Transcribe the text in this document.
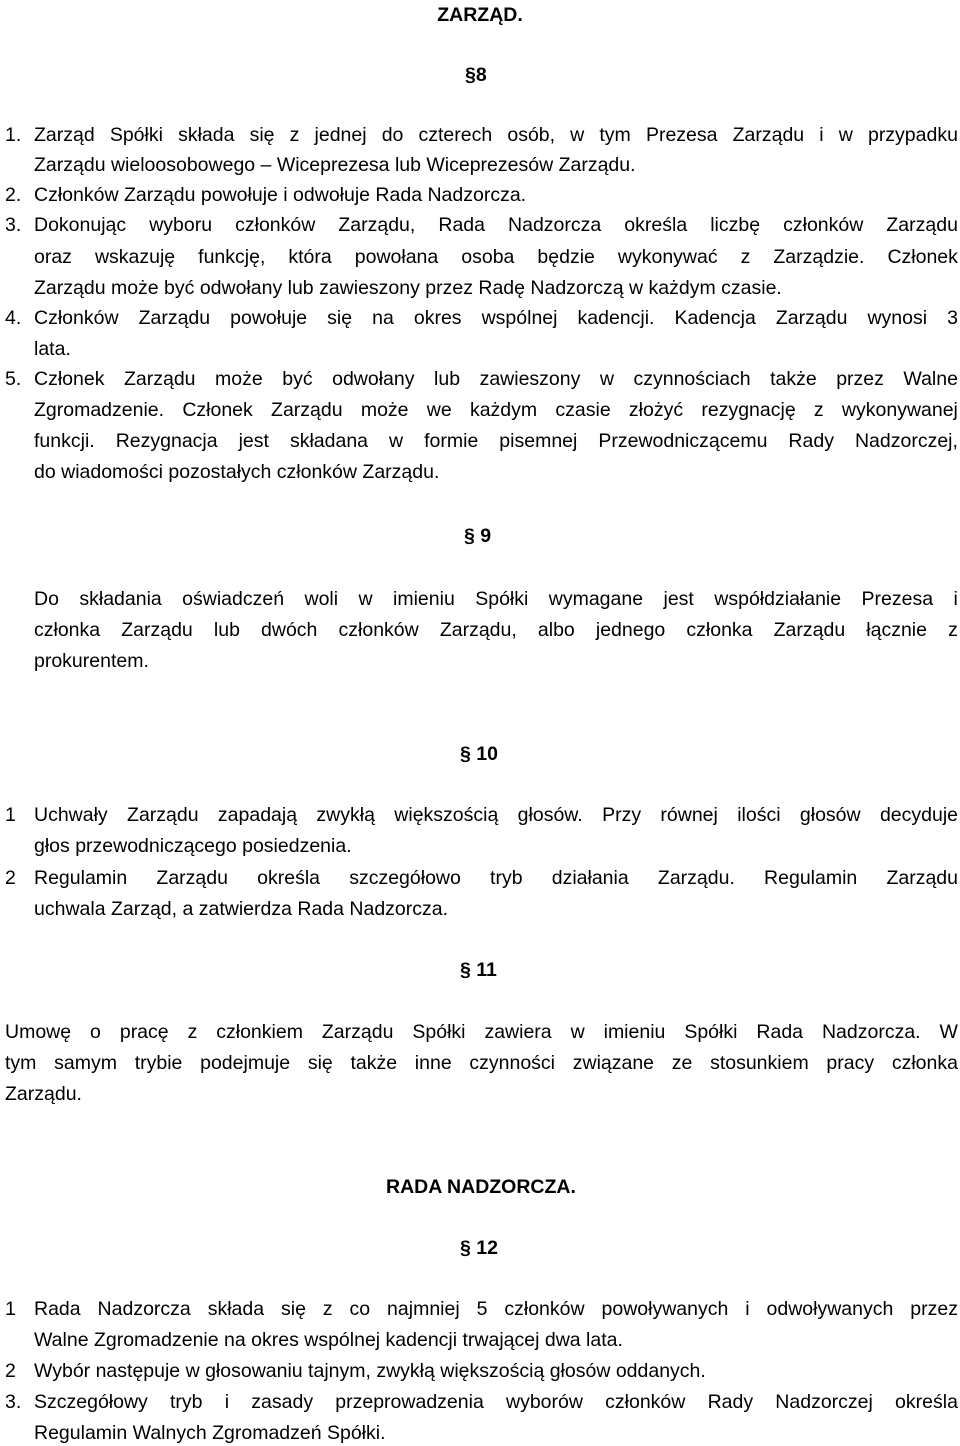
ZARZĄD.
§8
1. Zarząd Spółki składa się z jednej do czterech osób, w tym Prezesa Zarządu i w przypadku
Zarządu wieloosobowego – Wiceprezesa lub Wiceprezesów Zarządu.
2. Członków Zarządu powołuje i odwołuje Rada Nadzorcza.
3. Dokonując wyboru członków Zarządu, Rada Nadzorcza określa liczbę członków Zarządu
oraz wskazuję funkcję, która powołana osoba będzie wykonywać z Zarządzie. Członek
Zarządu może być odwołany lub zawieszony przez Radę Nadzorczą w każdym czasie.
4. Członków Zarządu powołuje się na okres wspólnej kadencji. Kadencja Zarządu wynosi 3
lata.
5. Członek Zarządu może być odwołany lub zawieszony w czynnościach także przez Walne
Zgromadzenie. Członek Zarządu może we każdym czasie złożyć rezygnację z wykonywanej
funkcji. Rezygnacja jest składana w formie pisemnej Przewodniczącemu Rady Nadzorczej,
do wiadomości pozostałych członków Zarządu.
§ 9
Do składania oświadczeń woli w imieniu Spółki wymagane jest współdziałanie Prezesa i
członka Zarządu lub dwóch członków Zarządu, albo jednego członka Zarządu łącznie z
prokurentem.
§ 10
1 Uchwały Zarządu zapadają zwykłą większością głosów. Przy równej ilości głosów decyduje
głos przewodniczącego posiedzenia.
2 Regulamin Zarządu określa szczegółowo tryb działania Zarządu. Regulamin Zarządu
uchwala Zarząd, a zatwierdza Rada Nadzorcza.
§ 11
Umowę o pracę z członkiem Zarządu Spółki zawiera w imieniu Spółki Rada Nadzorcza. W
tym samym trybie podejmuje się także inne czynności związane ze stosunkiem pracy członka
Zarządu.
RADA NADZORCZA.
§ 12
1 Rada Nadzorcza składa się z co najmniej 5 członków powoływanych i odwoływanych przez
Walne Zgromadzenie na okres wspólnej kadencji trwającej dwa lata.
2 Wybór następuje w głosowaniu tajnym, zwykłą większością głosów oddanych.
3. Szczegółowy tryb i zasady przeprowadzenia wyborów członków Rady Nadzorczej określa
Regulamin Walnych Zgromadzeń Spółki.
